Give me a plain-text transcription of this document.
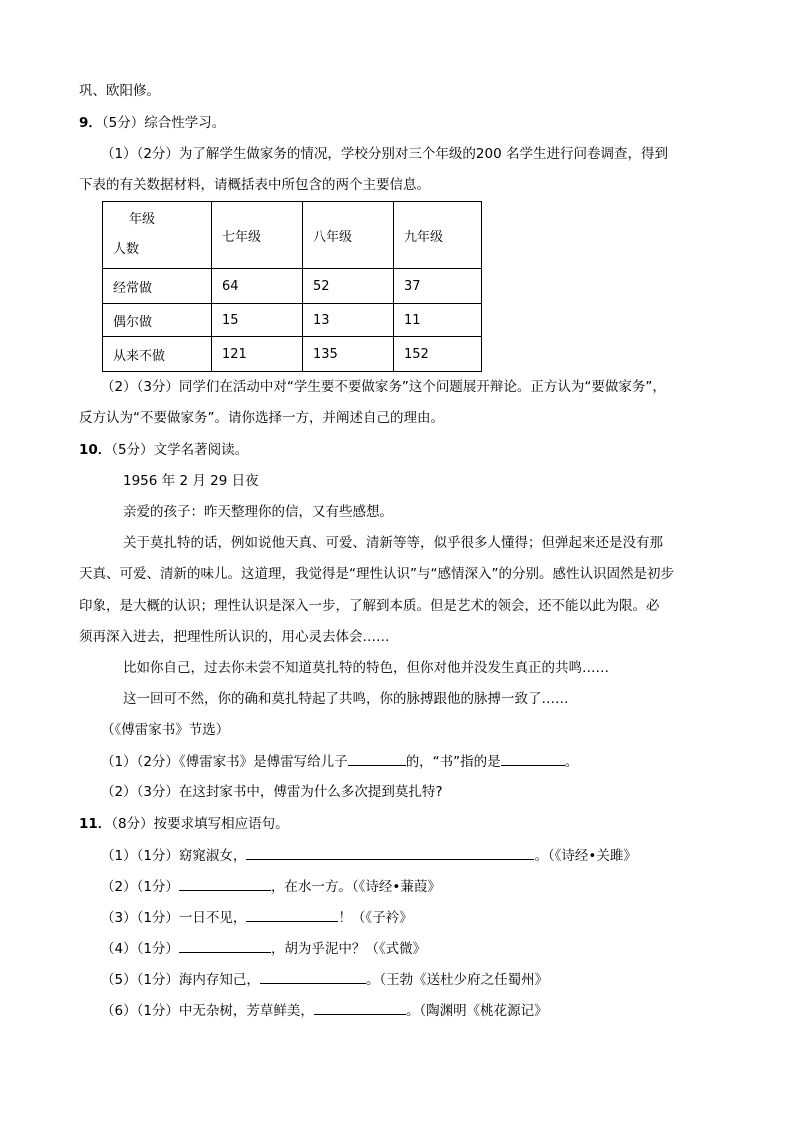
巩、欧阳修。
9．（5分）综合性学习。
（1）（2分）为了解学生做家务的情况，学校分别对三个年级的200 名学生进行问卷调查，得到
下表的有关数据材料，请概括表中所包含的两个主要信息。
年级
人数	七年级	八年级	九年级
经常做	64	52	37
偶尔做	15	13	11
从来不做	121	135	152
（2）（3分）同学们在活动中对“学生要不要做家务”这个问题展开辩论。正方认为“要做家务”，
反方认为“不要做家务”。请你选择一方，并阐述自己的理由。
10．（5分）文学名著阅读。
1956 年 2 月 29 日夜
亲爱的孩子：昨天整理你的信，又有些感想。
关于莫扎特的话，例如说他天真、可爱、清新等等，似乎很多人懂得；但弹起来还是没有那
天真、可爱、清新的味儿。这道理，我觉得是“理性认识”与“感情深入”的分别。感性认识固然是初步
印象，是大概的认识；理性认识是深入一步，了解到本质。但是艺术的领会，还不能以此为限。必
须再深入进去，把理性所认识的，用心灵去体会……
比如你自己，过去你未尝不知道莫扎特的特色，但你对他并没发生真正的共鸣……
这一回可不然，你的确和莫扎特起了共鸣，你的脉搏跟他的脉搏一致了……
（《傅雷家书》节选）
（1）（2分）《傅雷家书》是傅雷写给儿子	的，“书”指的是	。
（2）（3分）在这封家书中，傅雷为什么多次提到莫扎特?
11．（8分）按要求填写相应语句。
（1）（1分）窈窕淑女，	。（《诗经•关雎》
（2）（1分）	，在水一方。（《诗经•蒹葭》
（3）（1分）一日不见，	！（《子衿》
（4）（1分）	，胡为乎泥中？（《式微》
（5）（1分）海内存知己，	。（王勃《送杜少府之任蜀州》
（6）（1分）中无杂树，芳草鲜美，	。（陶渊明《桃花源记》
